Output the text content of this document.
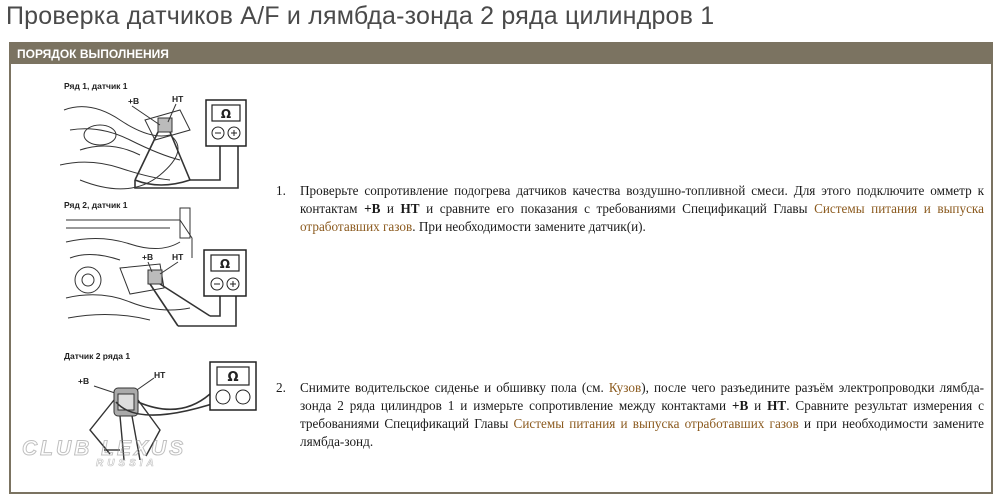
Проверка датчиков A/F и лямбда-зонда 2 ряда цилиндров 1
ПОРЯДОК ВЫПОЛНЕНИЯ
Ряд 1, датчик 1
+B	HT
Ω
Ряд 2, датчик 1
+B HT	Ω
Датчик 2 ряда 1
+B
HT	Ω
1. Проверьте сопротивление подогрева датчиков качества воздушно-топливной смеси. Для этого подключите омметр к контактам +B и HT и сравните его показания с требованиями Спецификаций Главы Системы питания и выпуска отработавших газов. При необходимости замените датчик(и).
2. Снимите водительское сиденье и обшивку пола (см. Кузов), после чего разъедините разъём электропроводки лямбда-зонда 2 ряда цилиндров 1 и измерьте сопротивление между контактами +B и HT. Сравните результат измерения с требованиями Спецификаций Главы Системы питания и выпуска отработавших газов и при необходимости замените лямбда-зонд.
